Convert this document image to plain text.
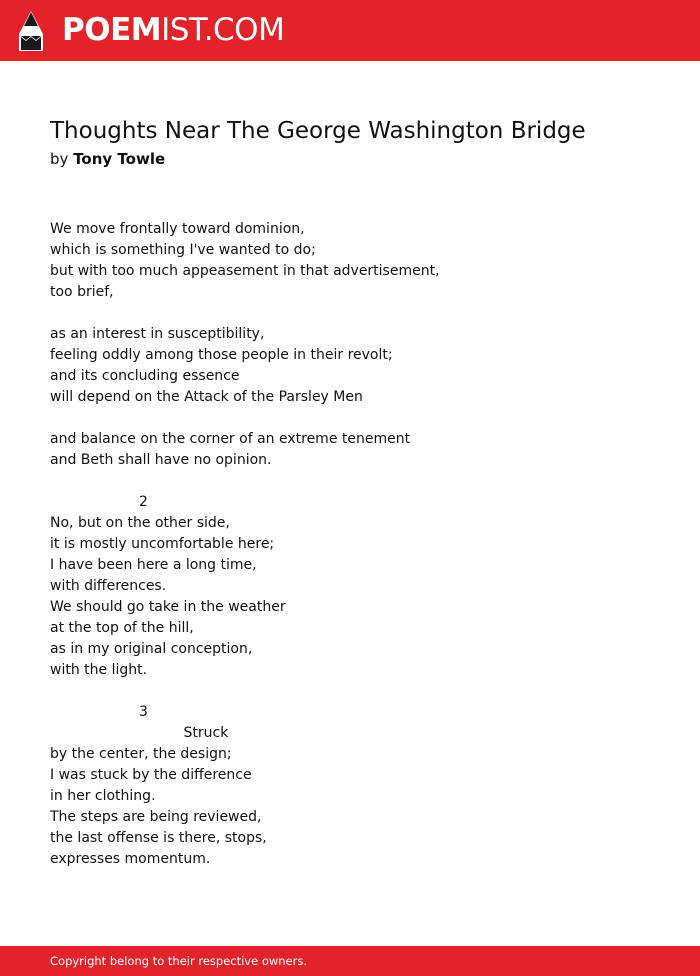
POEMIST.COM
Thoughts Near The George Washington Bridge
by Tony Towle
We move frontally toward dominion,
which is something I've wanted to do;
but with too much appeasement in that advertisement,
too brief,
as an interest in susceptibility,
feeling oddly among those people in their revolt;
and its concluding essence
will depend on the Attack of the Parsley Men
and balance on the corner of an extreme tenement
and Beth shall have no opinion.
2
No, but on the other side,
it is mostly uncomfortable here;
I have been here a long time,
with differences.
We should go take in the weather
at the top of the hill,
as in my original conception,
with the light.
3
Struck
by the center, the design;
I was stuck by the difference
in her clothing.
The steps are being reviewed,
the last offense is there, stops,
expresses momentum.
Copyright belong to their respective owners.
